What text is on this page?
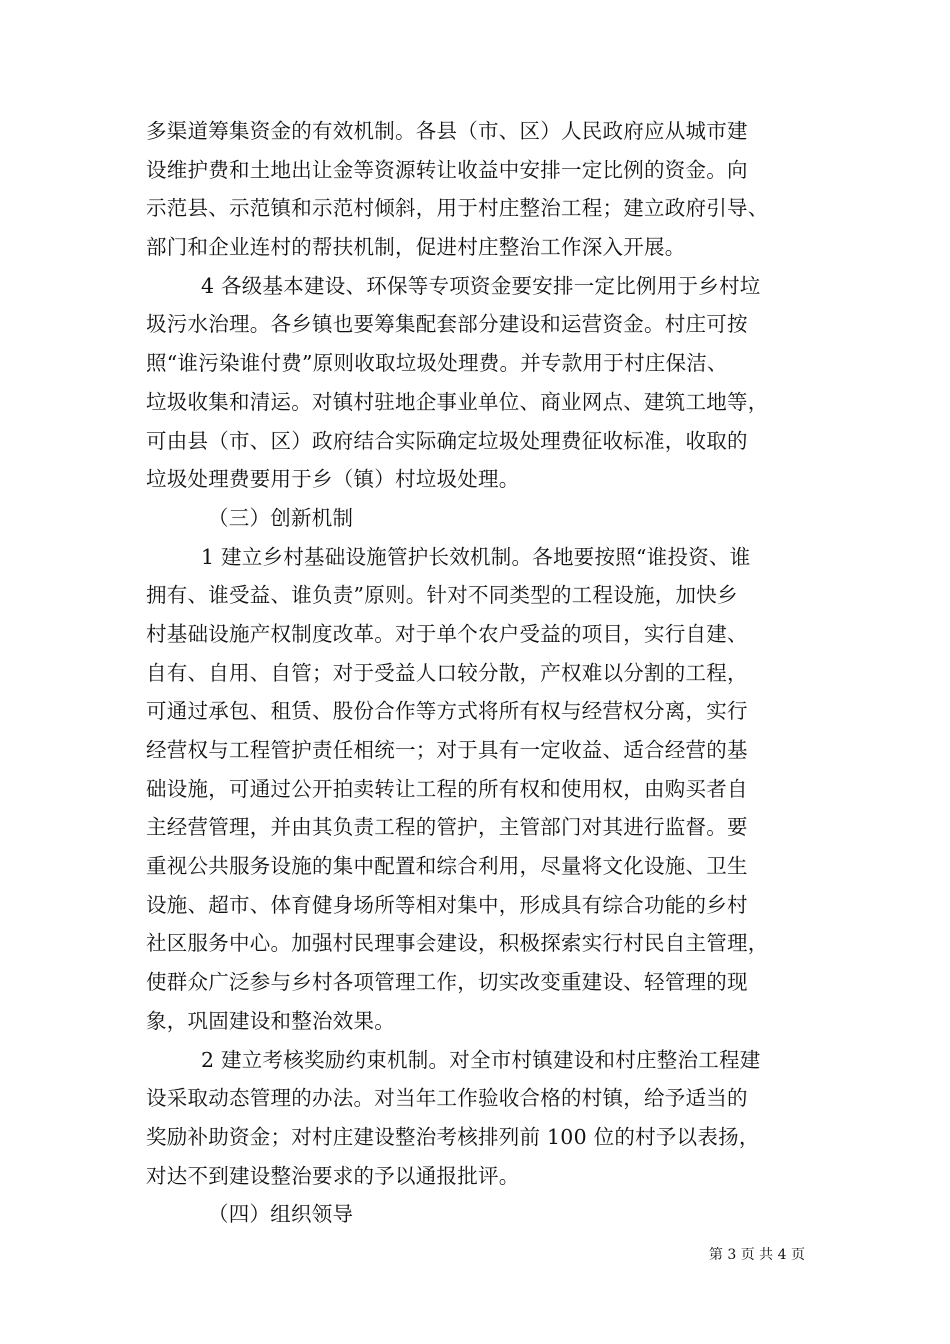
多渠道筹集资金的有效机制。各县（市、区）人民政府应从城市建
设维护费和土地出让金等资源转让收益中安排一定比例的资金。向
示范县、示范镇和示范村倾斜，用于村庄整治工程；建立政府引导、
部门和企业连村的帮扶机制，促进村庄整治工作深入开展。
4 各级基本建设、环保等专项资金要安排一定比例用于乡村垃
圾污水治理。各乡镇也要筹集配套部分建设和运营资金。村庄可按
照“谁污染谁付费”原则收取垃圾处理费。并专款用于村庄保洁、
垃圾收集和清运。对镇村驻地企事业单位、商业网点、建筑工地等，
可由县（市、区）政府结合实际确定垃圾处理费征收标准，收取的
垃圾处理费要用于乡（镇）村垃圾处理。
（三）创新机制
1 建立乡村基础设施管护长效机制。各地要按照“谁投资、谁
拥有、谁受益、谁负责”原则。针对不同类型的工程设施，加快乡
村基础设施产权制度改革。对于单个农户受益的项目，实行自建、
自有、自用、自管；对于受益人口较分散，产权难以分割的工程，
可通过承包、租赁、股份合作等方式将所有权与经营权分离，实行
经营权与工程管护责任相统一；对于具有一定收益、适合经营的基
础设施，可通过公开拍卖转让工程的所有权和使用权，由购买者自
主经营管理，并由其负责工程的管护，主管部门对其进行监督。要
重视公共服务设施的集中配置和综合利用，尽量将文化设施、卫生
设施、超市、体育健身场所等相对集中，形成具有综合功能的乡村
社区服务中心。加强村民理事会建设，积极探索实行村民自主管理，
使群众广泛参与乡村各项管理工作，切实改变重建设、轻管理的现
象，巩固建设和整治效果。
2 建立考核奖励约束机制。对全市村镇建设和村庄整治工程建
设采取动态管理的办法。对当年工作验收合格的村镇，给予适当的
奖励补助资金；对村庄建设整治考核排列前 100 位的村予以表扬，
对达不到建设整治要求的予以通报批评。
（四）组织领导
第 3 页 共 4 页
